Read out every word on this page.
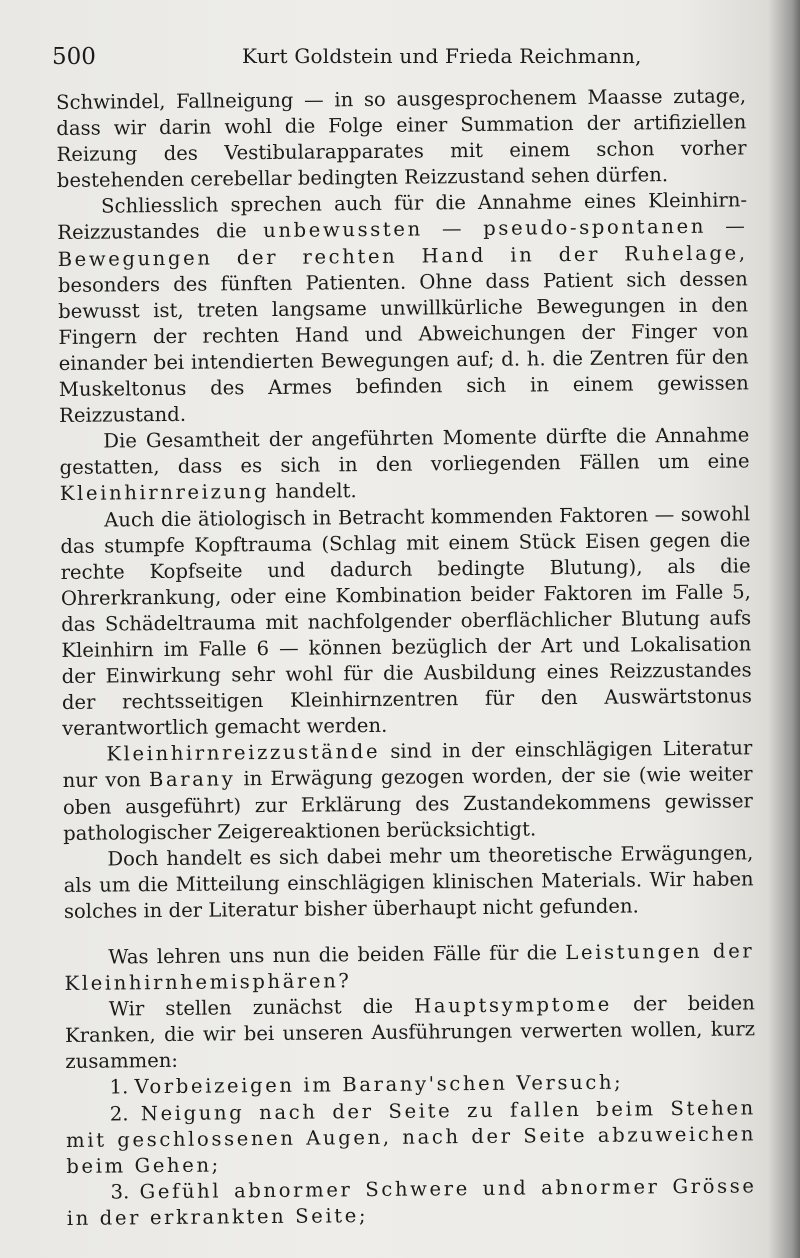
500	Kurt Goldstein und Frieda Reichmann,

Schwindel, Fallneigung — in so ausgesprochenem Maasse zutage, dass wir darin wohl die Folge einer Summation der artifiziellen Reizung des Vestibularapparates mit einem schon vorher bestehenden cerebellar bedingten Reizzustand sehen dürfen.

Schliesslich sprechen auch für die Annahme eines Kleinhirn-Reizzustandes die unbewussten — pseudo-spontanen — Bewegungen der rechten Hand in der Ruhelage, besonders des fünften Patienten. Ohne dass Patient sich dessen bewusst ist, treten langsame unwillkürliche Bewegungen in den Fingern der rechten Hand und Abweichungen der Finger von einander bei intendierten Bewegungen auf; d. h. die Zentren für den Muskeltonus des Armes befinden sich in einem gewissen Reizzustand.

Die Gesamtheit der angeführten Momente dürfte die Annahme gestatten, dass es sich in den vorliegenden Fällen um eine Kleinhirnreizung handelt.

Auch die ätiologisch in Betracht kommenden Faktoren — sowohl das stumpfe Kopftrauma (Schlag mit einem Stück Eisen gegen die rechte Kopfseite und dadurch bedingte Blutung), als die Ohrerkrankung, oder eine Kombination beider Faktoren im Falle 5, das Schädeltrauma mit nachfolgender oberflächlicher Blutung aufs Kleinhirn im Falle 6 — können bezüglich der Art und Lokalisation der Einwirkung sehr wohl für die Ausbildung eines Reizzustandes der rechtsseitigen Kleinhirnzentren für den Auswärtstonus verantwortlich gemacht werden.

Kleinhirnreizzustände sind in der einschlägigen Literatur nur von Barany in Erwägung gezogen worden, der sie (wie weiter oben ausgeführt) zur Erklärung des Zustandekommens gewisser pathologischer Zeigereaktionen berücksichtigt.

Doch handelt es sich dabei mehr um theoretische Erwägungen, als um die Mitteilung einschlägigen klinischen Materials. Wir haben solches in der Literatur bisher überhaupt nicht gefunden.

Was lehren uns nun die beiden Fälle für die Leistungen der Kleinhirnhemisphären?

Wir stellen zunächst die Hauptsymptome der beiden Kranken, die wir bei unseren Ausführungen verwerten wollen, kurz zusammen:

1. Vorbeizeigen im Barany'schen Versuch;

2. Neigung nach der Seite zu fallen beim Stehen mit geschlossenen Augen, nach der Seite abzuweichen beim Gehen;

3. Gefühl abnormer Schwere und abnormer Grösse in der erkrankten Seite;
